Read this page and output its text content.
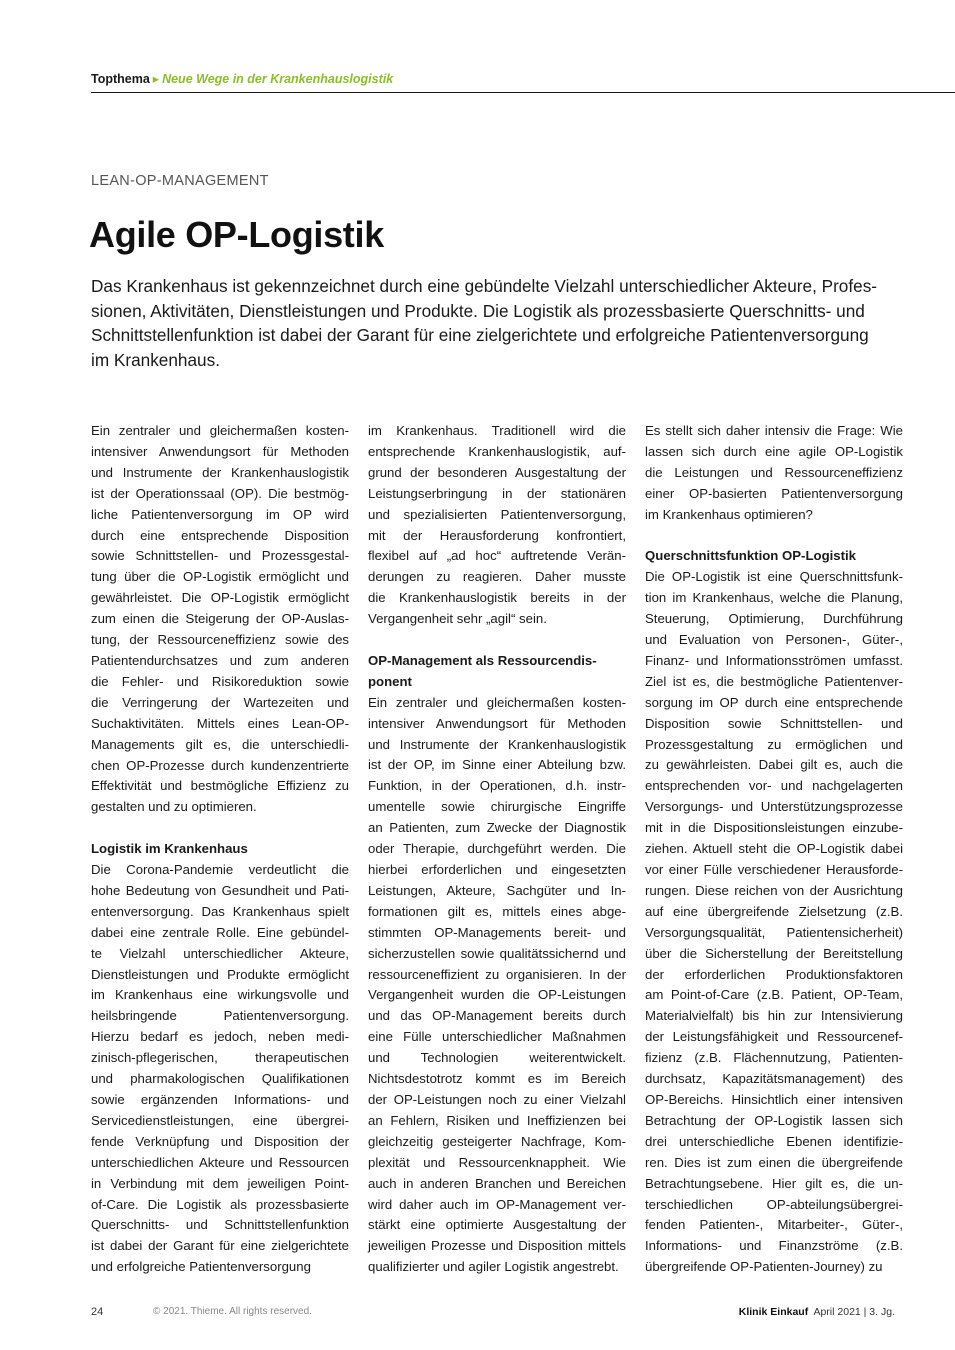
Topthema ▸ Neue Wege in der Krankenhauslogistik
LEAN-OP-MANAGEMENT
Agile OP-Logistik

Das Krankenhaus ist gekennzeichnet durch eine gebündelte Vielzahl unterschiedlicher Akteure, Profes-
sionen, Aktivitäten, Dienstleistungen und Produkte. Die Logistik als prozessbasierte Querschnitts- und
Schnittstellenfunktion ist dabei der Garant für eine zielgerichtete und erfolgreiche Patientenversorgung
im Krankenhaus.

Ein zentraler und gleichermaßen kosten-
intensiver Anwendungsort für Methoden
und Instrumente der Krankenhauslogistik
ist der Operationssaal (OP). Die bestmög-
liche Patientenversorgung im OP wird
durch eine entsprechende Disposition
sowie Schnittstellen- und Prozessgestal-
tung über die OP-Logistik ermöglicht und
gewährleistet. Die OP-Logistik ermöglicht
zum einen die Steigerung der OP-Auslas-
tung, der Ressourceneffizienz sowie des
Patientendurchsatzes und zum anderen
die Fehler- und Risikoreduktion sowie
die Verringerung der Wartezeiten und
Suchaktivitäten. Mittels eines Lean-OP-
Managements gilt es, die unterschiedli-
chen OP-Prozesse durch kundenzentrierte
Effektivität und bestmögliche Effizienz zu
gestalten und zu optimieren.
Logistik im Krankenhaus
Die Corona-Pandemie verdeutlicht die
hohe Bedeutung von Gesundheit und Pati-
entenversorgung. Das Krankenhaus spielt
dabei eine zentrale Rolle. Eine gebündel-
te Vielzahl unterschiedlicher Akteure,
Dienstleistungen und Produkte ermöglicht
im Krankenhaus eine wirkungsvolle und
heilsbringende Patientenversorgung.
Hierzu bedarf es jedoch, neben medi-
zinisch-pflegerischen, therapeutischen
und pharmakologischen Qualifikationen
sowie ergänzenden Informations- und
Servicedienstleistungen, eine übergrei-
fende Verknüpfung und Disposition der
unterschiedlichen Akteure und Ressourcen
in Verbindung mit dem jeweiligen Point-
of-Care. Die Logistik als prozessbasierte
Querschnitts- und Schnittstellenfunktion
ist dabei der Garant für eine zielgerichtete
und erfolgreiche Patientenversorgung
im Krankenhaus. Traditionell wird die
entsprechende Krankenhauslogistik, auf-
grund der besonderen Ausgestaltung der
Leistungserbringung in der stationären
und spezialisierten Patientenversorgung,
mit der Herausforderung konfrontiert,
flexibel auf „ad hoc“ auftretende Verän-
derungen zu reagieren. Daher musste
die Krankenhauslogistik bereits in der
Vergangenheit sehr „agil“ sein.
OP-Management als Ressourcendis-
ponent
Ein zentraler und gleichermaßen kosten-
intensiver Anwendungsort für Methoden
und Instrumente der Krankenhauslogistik
ist der OP, im Sinne einer Abteilung bzw.
Funktion, in der Operationen, d.h. instr-
umentelle sowie chirurgische Eingriffe
an Patienten, zum Zwecke der Diagnostik
oder Therapie, durchgeführt werden. Die
hierbei erforderlichen und eingesetzten
Leistungen, Akteure, Sachgüter und In-
formationen gilt es, mittels eines abge-
stimmten OP-Managements bereit- und
sicherzustellen sowie qualitätssichernd und
ressourceneffizient zu organisieren. In der
Vergangenheit wurden die OP-Leistungen
und das OP-Management bereits durch
eine Fülle unterschiedlicher Maßnahmen
und Technologien weiterentwickelt.
Nichtsdestotrotz kommt es im Bereich
der OP-Leistungen noch zu einer Vielzahl
an Fehlern, Risiken und Ineffizienzen bei
gleichzeitig gesteigerter Nachfrage, Kom-
plexität und Ressourcenknappheit. Wie
auch in anderen Branchen und Bereichen
wird daher auch im OP-Management ver-
stärkt eine optimierte Ausgestaltung der
jeweiligen Prozesse und Disposition mittels
qualifizierter und agiler Logistik angestrebt.
Es stellt sich daher intensiv die Frage: Wie
lassen sich durch eine agile OP-Logistik
die Leistungen und Ressourceneffizienz
einer OP-basierten Patientenversorgung
im Krankenhaus optimieren?
Querschnittsfunktion OP-Logistik
Die OP-Logistik ist eine Querschnittsfunk-
tion im Krankenhaus, welche die Planung,
Steuerung, Optimierung, Durchführung
und Evaluation von Personen-, Güter-,
Finanz- und Informationsströmen umfasst.
Ziel ist es, die bestmögliche Patientenver-
sorgung im OP durch eine entsprechende
Disposition sowie Schnittstellen- und
Prozessgestaltung zu ermöglichen und
zu gewährleisten. Dabei gilt es, auch die
entsprechenden vor- und nachgelagerten
Versorgungs- und Unterstützungsprozesse
mit in die Dispositionsleistungen einzube-
ziehen. Aktuell steht die OP-Logistik dabei
vor einer Fülle verschiedener Herausforde-
rungen. Diese reichen von der Ausrichtung
auf eine übergreifende Zielsetzung (z.B.
Versorgungsqualität, Patientensicherheit)
über die Sicherstellung der Bereitstellung
der erforderlichen Produktionsfaktoren
am Point-of-Care (z.B. Patient, OP-Team,
Materialvielfalt) bis hin zur Intensivierung
der Leistungsfähigkeit und Ressourcenef-
fizienz (z.B. Flächennutzung, Patienten-
durchsatz, Kapazitätsmanagement) des
OP-Bereichs. Hinsichtlich einer intensiven
Betrachtung der OP-Logistik lassen sich
drei unterschiedliche Ebenen identifizie-
ren. Dies ist zum einen die übergreifende
Betrachtungsebene. Hier gilt es, die un-
terschiedlichen OP-abteilungsübergrei-
fenden Patienten-, Mitarbeiter-, Güter-,
Informations- und Finanzströme (z.B.
übergreifende OP-Patienten-Journey) zu
24	© 2021. Thieme. All rights reserved.	Klinik Einkauf April 2021 | 3. Jg.
